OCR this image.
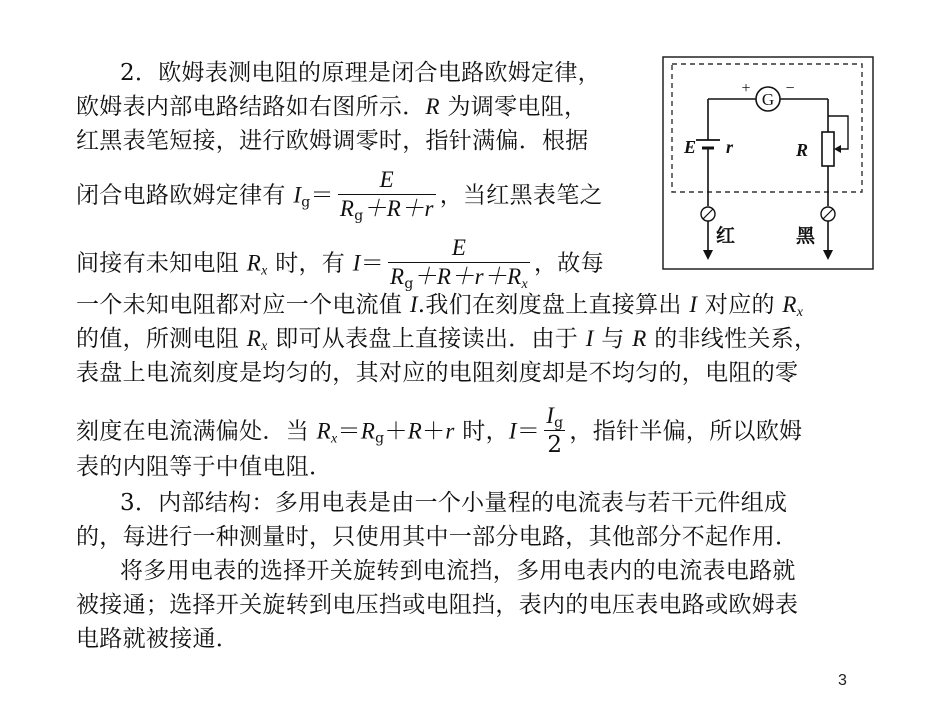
2．欧姆表测电阻的原理是闭合电路欧姆定律，
欧姆表内部电路结路如右图所示．R 为调零电阻，
红黑表笔短接，进行欧姆调零时，指针满偏．根据
闭合电路欧姆定律有 $I_g= \frac{E}{R_g+R+r}$ ，当红黑表笔之
间接有未知电阻 $R_x$ 时，有 $I= \frac{E}{R_g+R+r+R_x}$ ，故每
一个未知电阻都对应一个电流值 I.我们在刻度盘上直接算出 I 对应的 $R_x$
的值，所测电阻 $R_x$ 即可从表盘上直接读出．由于 I 与 R 的非线性关系，
表盘上电流刻度是均匀的，其对应的电阻刻度却是不均匀的，电阻的零
刻度在电流满偏处．当 $R_x=R_g+R+r$ 时，$I= \frac{I_g}{2}$ ，指针半偏，所以欧姆
表的内阻等于中值电阻．
3．内部结构：多用电表是由一个小量程的电流表与若干元件组成
的，每进行一种测量时，只使用其中一部分电路，其他部分不起作用．
将多用电表的选择开关旋转到电流挡，多用电表内的电流表电路就
被接通；选择开关旋转到电压挡或电阻挡，表内的电压表电路或欧姆表
电路就被接通．
G
+ −
E r	R
红	黑
3
